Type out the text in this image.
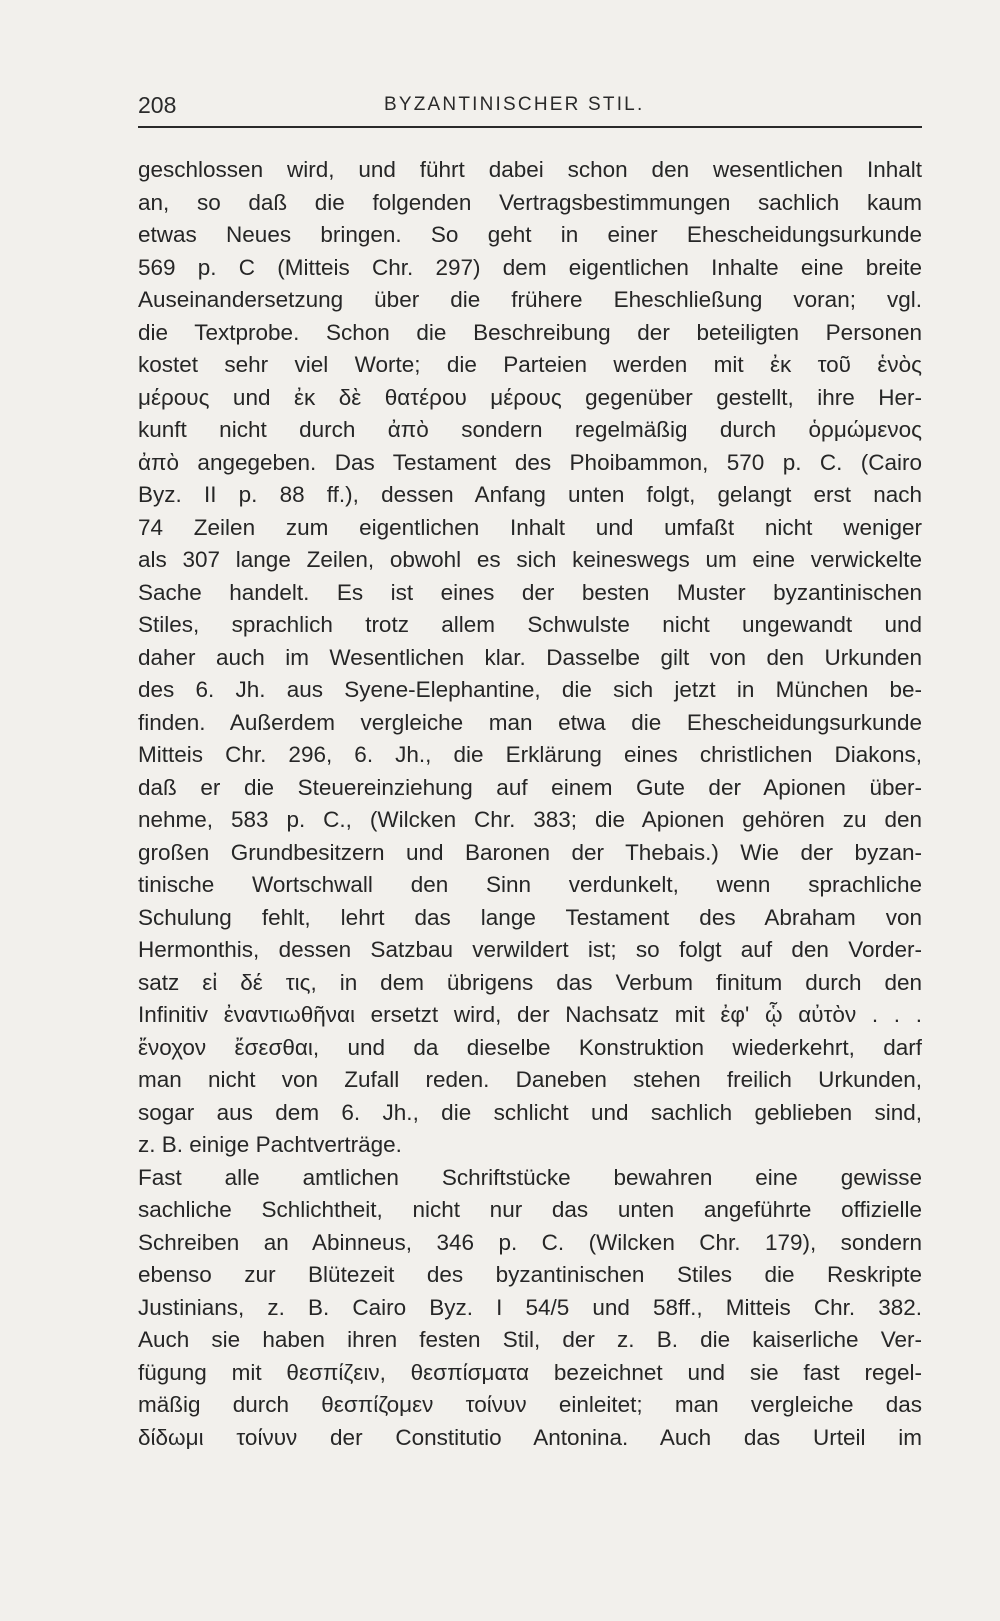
208	BYZANTINISCHER STIL.
geschlossen wird, und führt dabei schon den wesentlichen Inhalt
an, so daß die folgenden Vertragsbestimmungen sachlich kaum
etwas Neues bringen. So geht in einer Ehescheidungsurkunde
569 p. C (Mitteis Chr. 297) dem eigentlichen Inhalte eine breite
Auseinandersetzung über die frühere Eheschließung voran; vgl.
die Textprobe. Schon die Beschreibung der beteiligten Personen
kostet sehr viel Worte; die Parteien werden mit ἐκ τοῦ ἑνὸς
μέρους und ἐκ δὲ θατέρου μέρους gegenüber gestellt, ihre Her-
kunft nicht durch ἀπὸ sondern regelmäßig durch ὁρμώμενος
ἀπὸ angegeben. Das Testament des Phoibammon, 570 p. C. (Cairo
Byz. II p. 88 ff.), dessen Anfang unten folgt, gelangt erst nach
74 Zeilen zum eigentlichen Inhalt und umfaßt nicht weniger
als 307 lange Zeilen, obwohl es sich keineswegs um eine verwickelte
Sache handelt. Es ist eines der besten Muster byzantinischen
Stiles, sprachlich trotz allem Schwulste nicht ungewandt und
daher auch im Wesentlichen klar. Dasselbe gilt von den Urkunden
des 6. Jh. aus Syene-Elephantine, die sich jetzt in München be-
finden. Außerdem vergleiche man etwa die Ehescheidungsurkunde
Mitteis Chr. 296, 6. Jh., die Erklärung eines christlichen Diakons,
daß er die Steuereinziehung auf einem Gute der Apionen über-
nehme, 583 p. C., (Wilcken Chr. 383; die Apionen gehören zu den
großen Grundbesitzern und Baronen der Thebais.) Wie der byzan-
tinische Wortschwall den Sinn verdunkelt, wenn sprachliche
Schulung fehlt, lehrt das lange Testament des Abraham von
Hermonthis, dessen Satzbau verwildert ist; so folgt auf den Vorder-
satz εἰ δέ τις, in dem übrigens das Verbum finitum durch den
Infinitiv ἐναντιωθῆναι ersetzt wird, der Nachsatz mit ἐφ' ᾧ αὐτὸν . . .
ἔνοχον ἔσεσθαι, und da dieselbe Konstruktion wiederkehrt, darf
man nicht von Zufall reden. Daneben stehen freilich Urkunden,
sogar aus dem 6. Jh., die schlicht und sachlich geblieben sind,
z. B. einige Pachtverträge.
Fast alle amtlichen Schriftstücke bewahren eine gewisse
sachliche Schlichtheit, nicht nur das unten angeführte offizielle
Schreiben an Abinneus, 346 p. C. (Wilcken Chr. 179), sondern
ebenso zur Blütezeit des byzantinischen Stiles die Reskripte
Justinians, z. B. Cairo Byz. I 54/5 und 58ff., Mitteis Chr. 382.
Auch sie haben ihren festen Stil, der z. B. die kaiserliche Ver-
fügung mit θεσπίζειν, θεσπίσματα bezeichnet und sie fast regel-
mäßig durch θεσπίζομεν τοίνυν einleitet; man vergleiche das
δίδωμι τοίνυν der Constitutio Antonina. Auch das Urteil im
